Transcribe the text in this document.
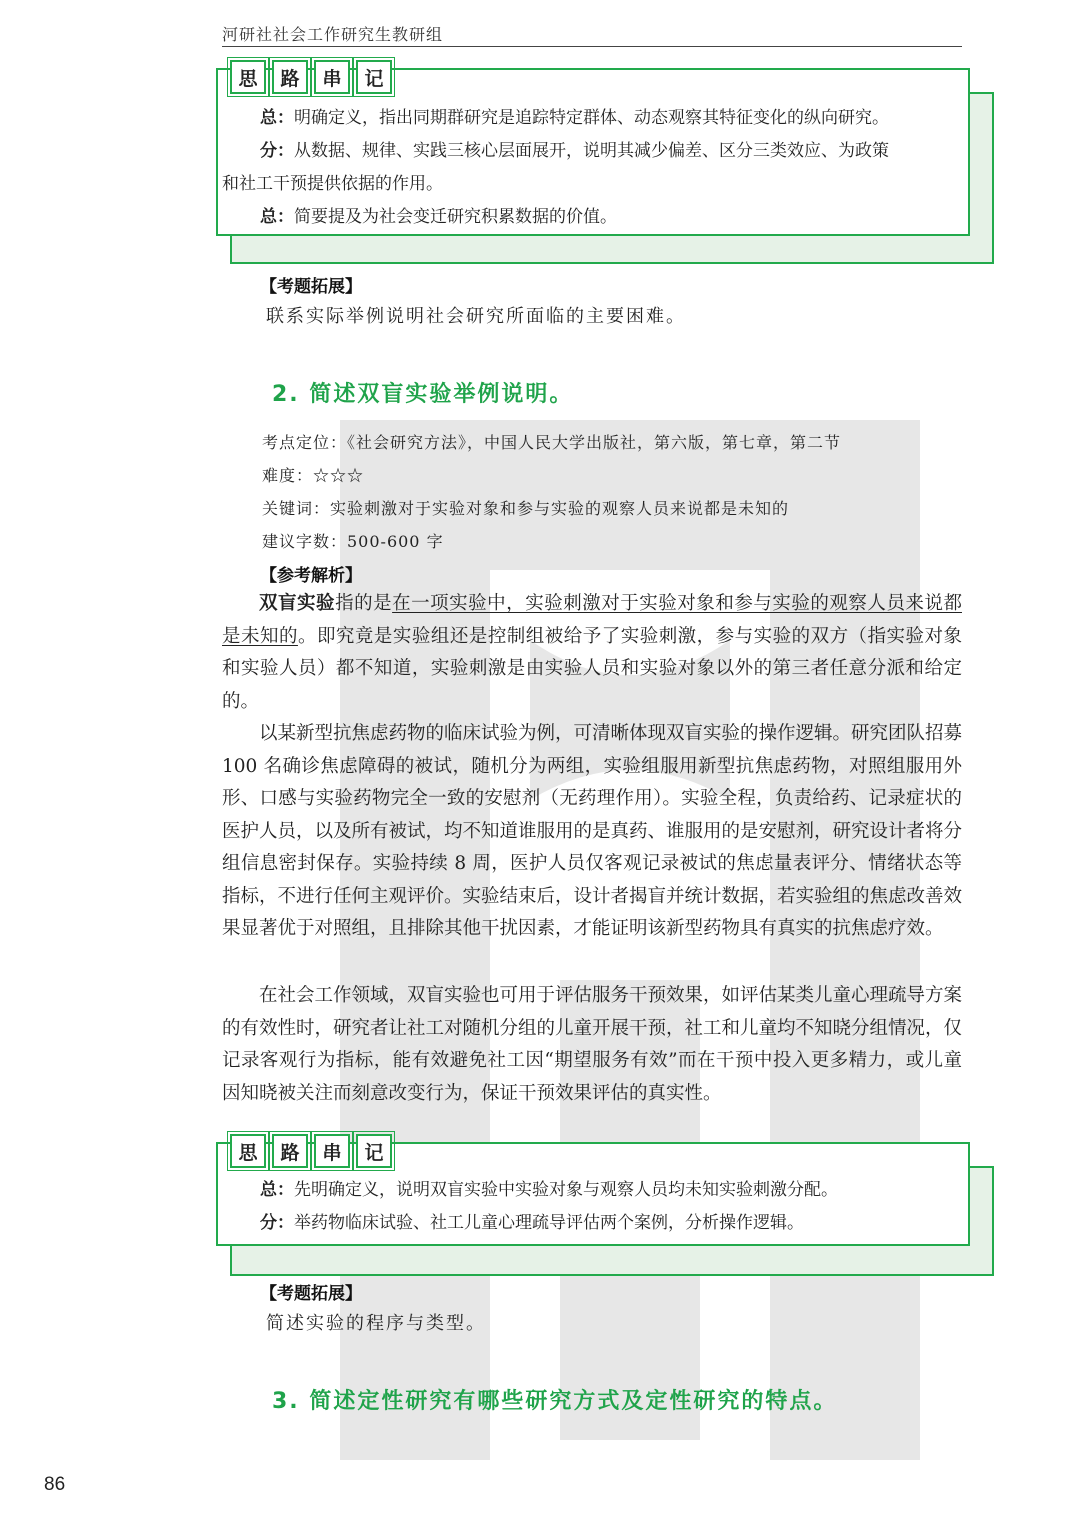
河研社社会工作研究生教研组
思	路	串	记
总：明确定义，指出同期群研究是追踪特定群体、动态观察其特征变化的纵向研究。
分：从数据、规律、实践三核心层面展开，说明其减少偏差、区分三类效应、为政策
和社工干预提供依据的作用。
总：简要提及为社会变迁研究积累数据的价值。
【考题拓展】
联系实际举例说明社会研究所面临的主要困难。
2. 简述双盲实验举例说明。
考点定位：《社会研究方法》，中国人民大学出版社，第六版，第七章，第二节
难度：☆☆☆
关键词：实验刺激对于实验对象和参与实验的观察人员来说都是未知的
建议字数：500-600 字
【参考解析】

双盲实验指的是在一项实验中，实验刺激对于实验对象和参与实验的观察人员来说都是未知的。即究竟是实验组还是控制组被给予了实验刺激，参与实验的双方（指实验对象和实验人员）都不知道，实验刺激是由实验人员和实验对象以外的第三者任意分派和给定的。

以某新型抗焦虑药物的临床试验为例，可清晰体现双盲实验的操作逻辑。研究团队招募 100 名确诊焦虑障碍的被试，随机分为两组，实验组服用新型抗焦虑药物，对照组服用外形、口感与实验药物完全一致的安慰剂（无药理作用）。实验全程，负责给药、记录症状的医护人员，以及所有被试，均不知道谁服用的是真药、谁服用的是安慰剂，研究设计者将分组信息密封保存。实验持续 8 周，医护人员仅客观记录被试的焦虑量表评分、情绪状态等指标，不进行任何主观评价。实验结束后，设计者揭盲并统计数据，若实验组的焦虑改善效果显著优于对照组，且排除其他干扰因素，才能证明该新型药物具有真实的抗焦虑疗效。

在社会工作领域，双盲实验也可用于评估服务干预效果，如评估某类儿童心理疏导方案的有效性时，研究者让社工对随机分组的儿童开展干预，社工和儿童均不知晓分组情况，仅记录客观行为指标，能有效避免社工因“期望服务有效”而在干预中投入更多精力，或儿童因知晓被关注而刻意改变行为，保证干预效果评估的真实性。

思	路	串	记
总：先明确定义，说明双盲实验中实验对象与观察人员均未知实验刺激分配。
分：举药物临床试验、社工儿童心理疏导评估两个案例，分析操作逻辑。
【考题拓展】
简述实验的程序与类型。
3. 简述定性研究有哪些研究方式及定性研究的特点。
86
